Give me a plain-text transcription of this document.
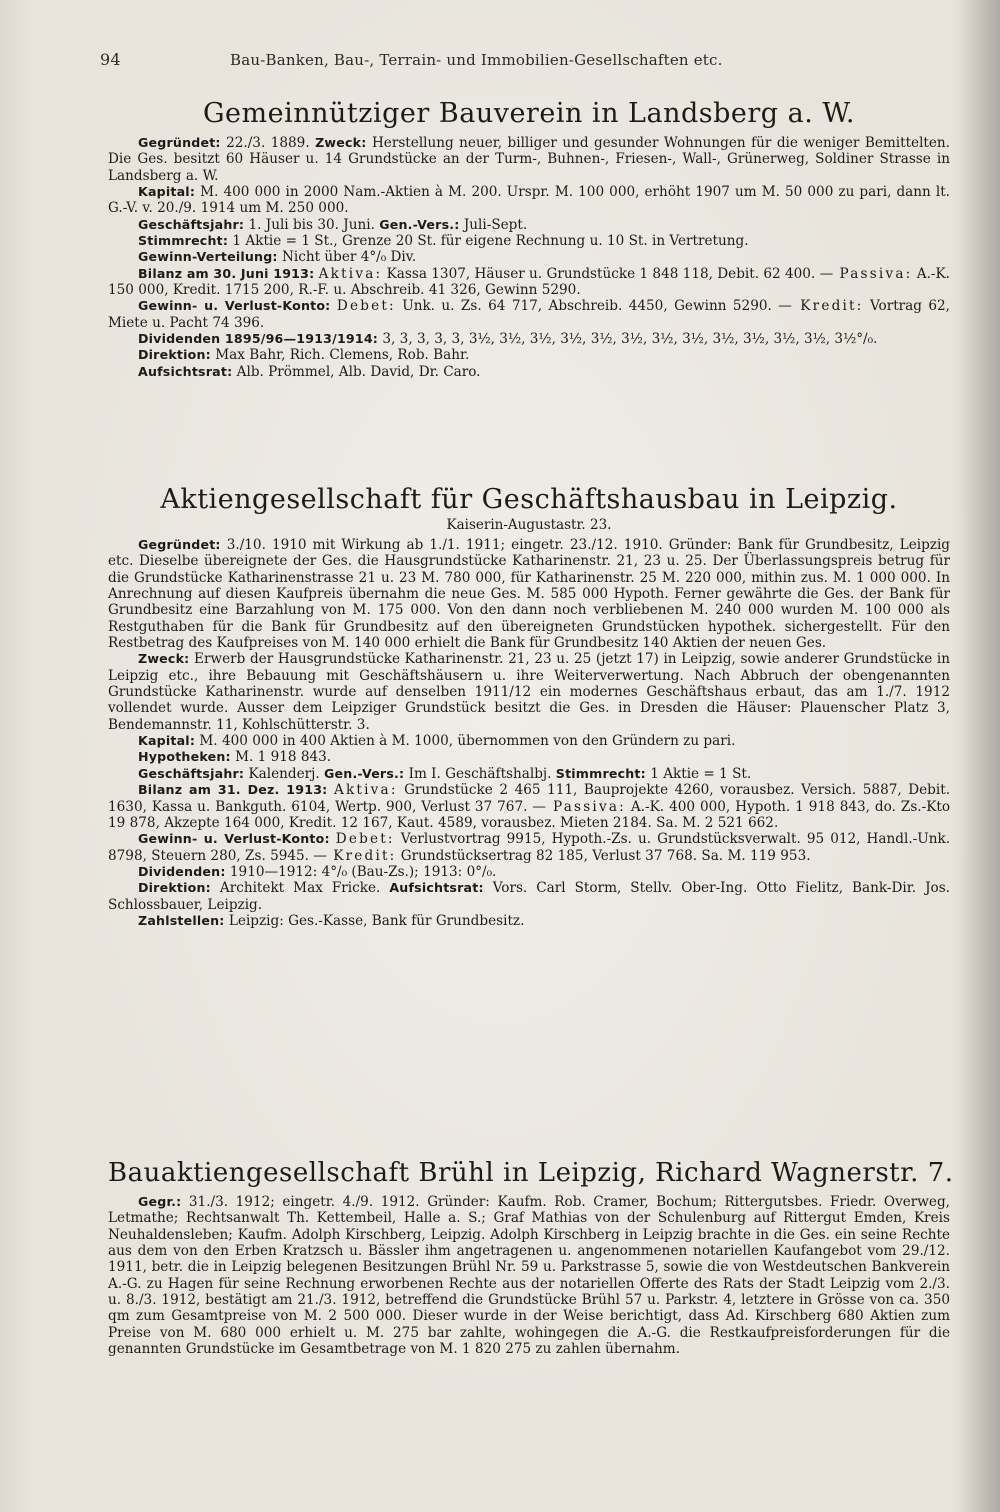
94	Bau-Banken, Bau-, Terrain- und Immobilien-Gesellschaften etc.
Gemeinnütziger Bauverein in Landsberg a. W.

Gegründet: 22./3. 1889. Zweck: Herstellung neuer, billiger und gesunder Wohnungen für die weniger Bemittelten. Die Ges. besitzt 60 Häuser u. 14 Grundstücke an der Turm-, Buhnen-, Friesen-, Wall-, Grünerweg, Soldiner Strasse in Landsberg a. W.

Kapital: M. 400 000 in 2000 Nam.-Aktien à M. 200. Urspr. M. 100 000, erhöht 1907 um M. 50 000 zu pari, dann lt. G.-V. v. 20./9. 1914 um M. 250 000.

Geschäftsjahr: 1. Juli bis 30. Juni. Gen.-Vers.: Juli-Sept.

Stimmrecht: 1 Aktie = 1 St., Grenze 20 St. für eigene Rechnung u. 10 St. in Vertretung.

Gewinn-Verteilung: Nicht über 4°/₀ Div.

Bilanz am 30. Juni 1913: Aktiva: Kassa 1307, Häuser u. Grundstücke 1 848 118, Debit. 62 400. — Passiva: A.-K. 150 000, Kredit. 1715 200, R.-F. u. Abschreib. 41 326, Gewinn 5290.

Gewinn- u. Verlust-Konto: Debet: Unk. u. Zs. 64 717, Abschreib. 4450, Gewinn 5290. — Kredit: Vortrag 62, Miete u. Pacht 74 396.

Dividenden 1895/96—1913/1914: 3, 3, 3, 3, 3, 3½, 3½, 3½, 3½, 3½, 3½, 3½, 3½, 3½, 3½, 3½, 3½, 3½°/₀.

Direktion: Max Bahr, Rich. Clemens, Rob. Bahr.

Aufsichtsrat: Alb. Prömmel, Alb. David, Dr. Caro.

Aktiengesellschaft für Geschäftshausbau in Leipzig.
Kaiserin-Augustastr. 23.

Gegründet: 3./10. 1910 mit Wirkung ab 1./1. 1911; eingetr. 23./12. 1910. Gründer: Bank für Grundbesitz, Leipzig etc. Dieselbe übereignete der Ges. die Hausgrundstücke Katharinenstr. 21, 23 u. 25. Der Überlassungspreis betrug für die Grundstücke Katharinenstrasse 21 u. 23 M. 780 000, für Katharinenstr. 25 M. 220 000, mithin zus. M. 1 000 000. In Anrechnung auf diesen Kaufpreis übernahm die neue Ges. M. 585 000 Hypoth. Ferner gewährte die Ges. der Bank für Grundbesitz eine Barzahlung von M. 175 000. Von den dann noch verbliebenen M. 240 000 wurden M. 100 000 als Restguthaben für die Bank für Grundbesitz auf den übereigneten Grundstücken hypothek. sichergestellt. Für den Restbetrag des Kaufpreises von M. 140 000 erhielt die Bank für Grundbesitz 140 Aktien der neuen Ges.

Zweck: Erwerb der Hausgrundstücke Katharinenstr. 21, 23 u. 25 (jetzt 17) in Leipzig, sowie anderer Grundstücke in Leipzig etc., ihre Bebauung mit Geschäftshäusern u. ihre Weiterverwertung. Nach Abbruch der obengenannten Grundstücke Katharinenstr. wurde auf denselben 1911/12 ein modernes Geschäftshaus erbaut, das am 1./7. 1912 vollendet wurde. Ausser dem Leipziger Grundstück besitzt die Ges. in Dresden die Häuser: Plauenscher Platz 3, Bendemannstr. 11, Kohlschütterstr. 3.

Kapital: M. 400 000 in 400 Aktien à M. 1000, übernommen von den Gründern zu pari.

Hypotheken: M. 1 918 843.

Geschäftsjahr: Kalenderj. Gen.-Vers.: Im I. Geschäftshalbj. Stimmrecht: 1 Aktie = 1 St.

Bilanz am 31. Dez. 1913: Aktiva: Grundstücke 2 465 111, Bauprojekte 4260, vorausbez. Versich. 5887, Debit. 1630, Kassa u. Bankguth. 6104, Wertp. 900, Verlust 37 767. — Passiva: A.-K. 400 000, Hypoth. 1 918 843, do. Zs.-Kto 19 878, Akzepte 164 000, Kredit. 12 167, Kaut. 4589, vorausbez. Mieten 2184. Sa. M. 2 521 662.

Gewinn- u. Verlust-Konto: Debet: Verlustvortrag 9915, Hypoth.-Zs. u. Grundstücksverwalt. 95 012, Handl.-Unk. 8798, Steuern 280, Zs. 5945. — Kredit: Grundstücksertrag 82 185, Verlust 37 768. Sa. M. 119 953.

Dividenden: 1910—1912: 4°/₀ (Bau-Zs.); 1913: 0°/₀.

Direktion: Architekt Max Fricke. Aufsichtsrat: Vors. Carl Storm, Stellv. Ober-Ing. Otto Fielitz, Bank-Dir. Jos. Schlossbauer, Leipzig.

Zahlstellen: Leipzig: Ges.-Kasse, Bank für Grundbesitz.

Bauaktiengesellschaft Brühl in Leipzig, Richard Wagnerstr. 7.

Gegr.: 31./3. 1912; eingetr. 4./9. 1912. Gründer: Kaufm. Rob. Cramer, Bochum; Rittergutsbes. Friedr. Overweg, Letmathe; Rechtsanwalt Th. Kettembeil, Halle a. S.; Graf Mathias von der Schulenburg auf Rittergut Emden, Kreis Neuhaldensleben; Kaufm. Adolph Kirschberg, Leipzig. Adolph Kirschberg in Leipzig brachte in die Ges. ein seine Rechte aus dem von den Erben Kratzsch u. Bässler ihm angetragenen u. angenommenen notariellen Kaufangebot vom 29./12. 1911, betr. die in Leipzig belegenen Besitzungen Brühl Nr. 59 u. Parkstrasse 5, sowie die von Westdeutschen Bankverein A.-G. zu Hagen für seine Rechnung erworbenen Rechte aus der notariellen Offerte des Rats der Stadt Leipzig vom 2./3. u. 8./3. 1912, bestätigt am 21./3. 1912, betreffend die Grundstücke Brühl 57 u. Parkstr. 4, letztere in Grösse von ca. 350 qm zum Gesamtpreise von M. 2 500 000. Dieser wurde in der Weise berichtigt, dass Ad. Kirschberg 680 Aktien zum Preise von M. 680 000 erhielt u. M. 275 bar zahlte, wohingegen die A.-G. die Restkaufpreisforderungen für die genannten Grundstücke im Gesamtbetrage von M. 1 820 275 zu zahlen übernahm.
